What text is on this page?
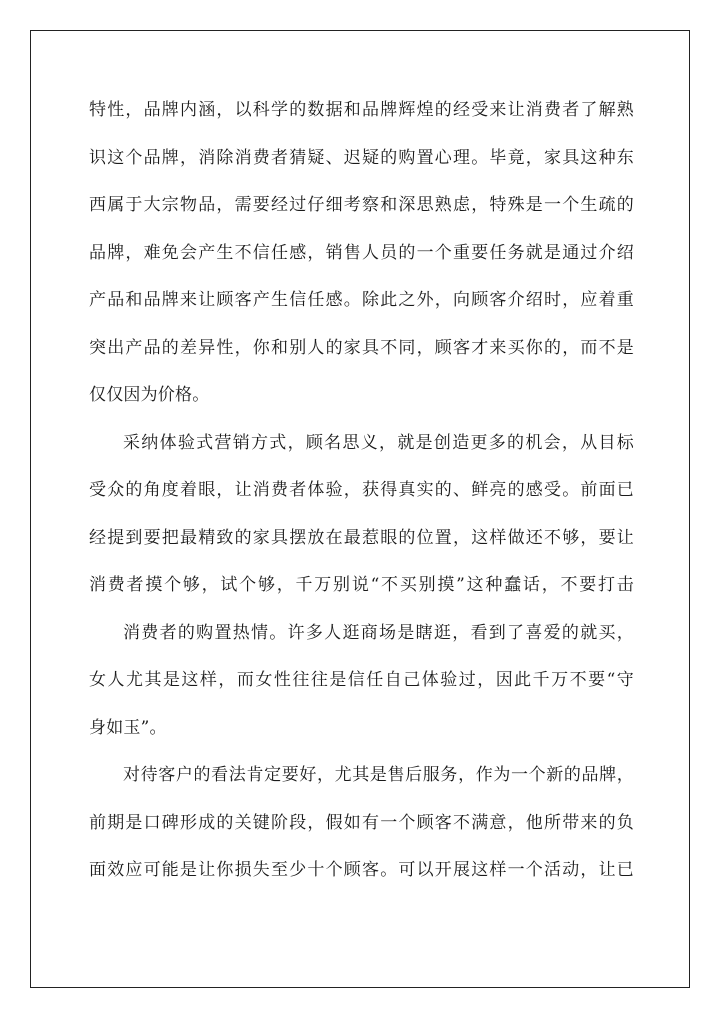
特性，品牌内涵，以科学的数据和品牌辉煌的经受来让消费者了解熟
识这个品牌，消除消费者猜疑、迟疑的购置心理。毕竟，家具这种东
西属于大宗物品，需要经过仔细考察和深思熟虑，特殊是一个生疏的
品牌，难免会产生不信任感，销售人员的一个重要任务就是通过介绍
产品和品牌来让顾客产生信任感。除此之外，向顾客介绍时，应着重
突出产品的差异性，你和别人的家具不同，顾客才来买你的，而不是
仅仅因为价格。
采纳体验式营销方式，顾名思义，就是创造更多的机会，从目标
受众的角度着眼，让消费者体验，获得真实的、鲜亮的感受。前面已
经提到要把最精致的家具摆放在最惹眼的位置，这样做还不够，要让
消费者摸个够，试个够，千万别说“不买别摸”这种蠢话，不要打击
消费者的购置热情。许多人逛商场是瞎逛，看到了喜爱的就买，
女人尤其是这样，而女性往往是信任自己体验过，因此千万不要“守
身如玉”。
对待客户的看法肯定要好，尤其是售后服务，作为一个新的品牌，
前期是口碑形成的关键阶段，假如有一个顾客不满意，他所带来的负
面效应可能是让你损失至少十个顾客。可以开展这样一个活动，让已
